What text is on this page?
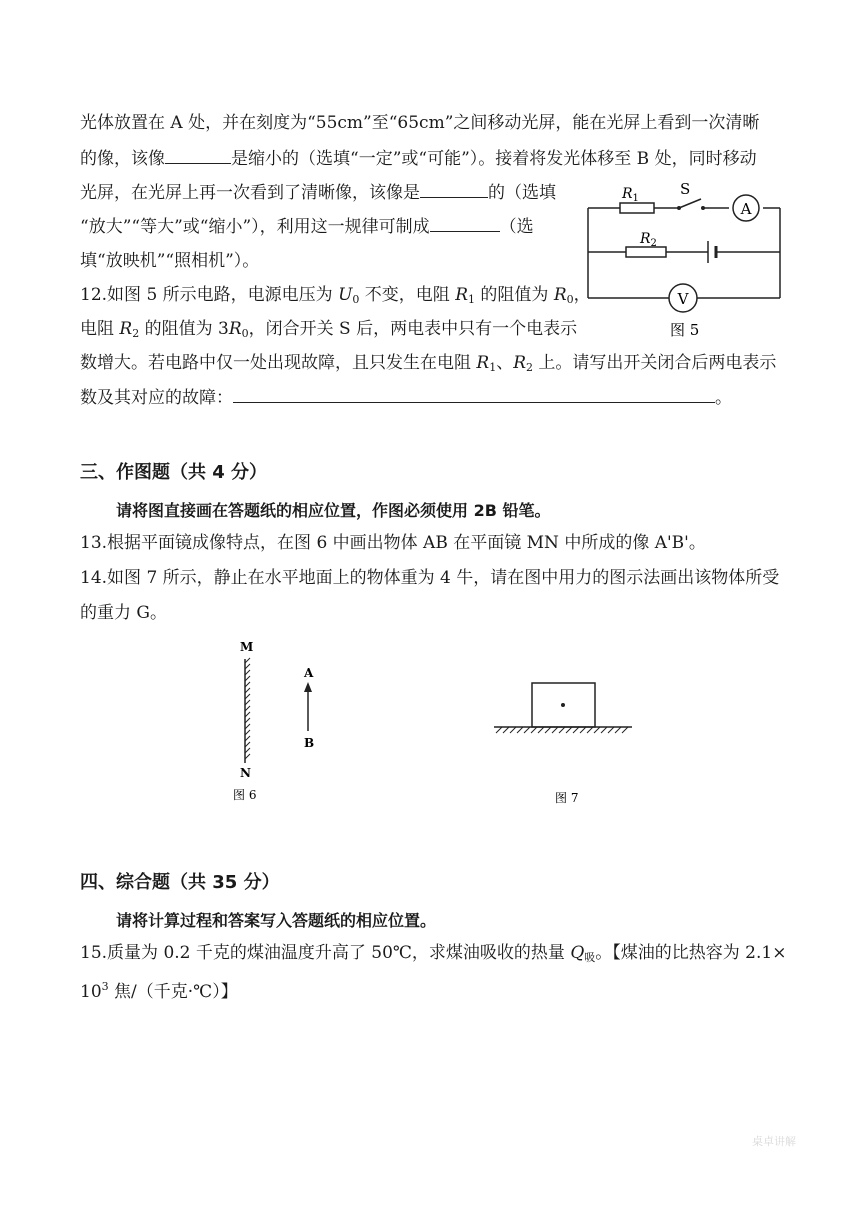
光体放置在 A 处，并在刻度为“55cm”至“65cm”之间移动光屏，能在光屏上看到一次清晰
的像，该像	是缩小的（选填“一定”或“可能”）。接着将发光体移至 B 处，同时移动
光屏，在光屏上再一次看到了清晰像，该像是	的（选填
“放大”“等大”或“缩小”），利用这一规律可制成	（选
填“放映机”“照相机”）。
12.如图 5 所示电路，电源电压为 $U_0$ 不变，电阻 $R_1$ 的阻值为 $R_0$，
电阻 $R_2$ 的阻值为 $3R_0$，闭合开关 S 后，两电表中只有一个电表示
数增大。若电路中仅一处出现故障，且只发生在电阻 $R_1$、$R_2$ 上。请写出开关闭合后两电表示
数及其对应的故障：	。
A
V
$R_1$
$R_2$
S
图 5
三、作图题（共 4 分）
请将图直接画在答题纸的相应位置，作图必须使用 2B 铅笔。
13.根据平面镜成像特点，在图 6 中画出物体 AB 在平面镜 MN 中所成的像 A'B'。
14.如图 7 所示，静止在水平地面上的物体重为 4 牛，请在图中用力的图示法画出该物体所受
的重力 G。
M
N
A
B
图 6	图 7
四、综合题（共 35 分）
请将计算过程和答案写入答题纸的相应位置。
15.质量为 0.2 千克的煤油温度升高了 50℃，求煤油吸收的热量 $Q_吸$。【煤油的比热容为 2.1×
$10^3$ 焦/（千克·℃）】
桌卓讲解
